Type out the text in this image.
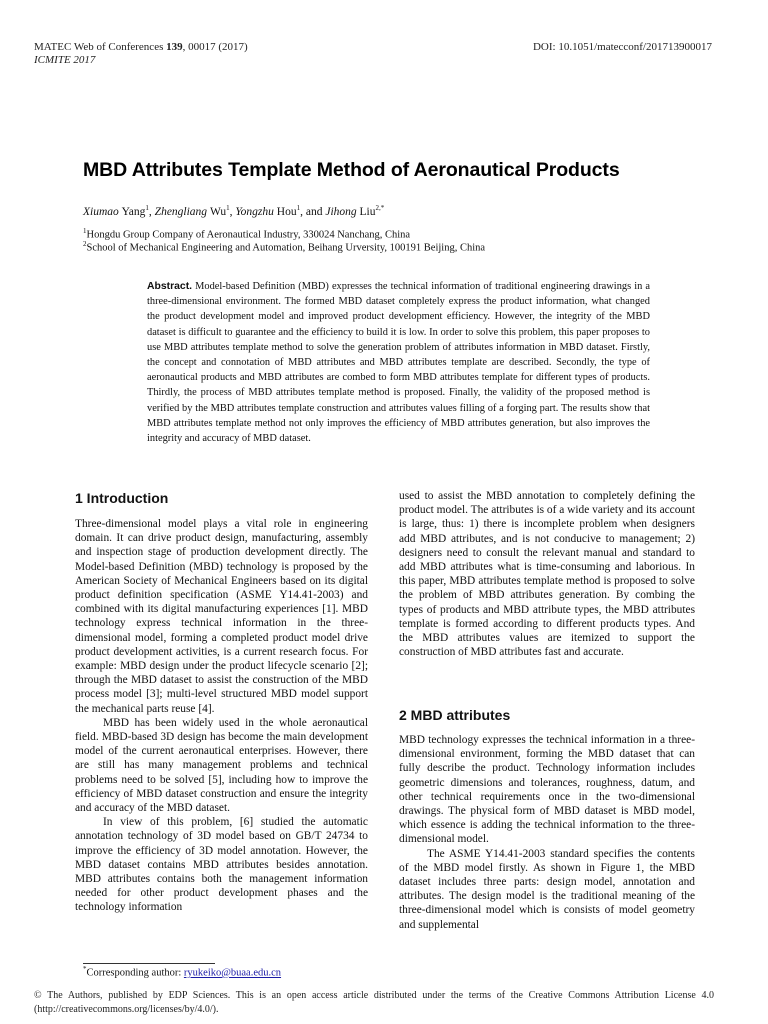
MATEC Web of Conferences 139, 00017 (2017)
ICMITE 2017
DOI: 10.1051/matecconf/201713900017
MBD Attributes Template Method of Aeronautical Products
Xiumao Yang$^1$, Zhengliang Wu$^1$, Yongzhu Hou$^1$, and Jihong Liu$^{2,*}$
$^1$Hongdu Group Company of Aeronautical Industry, 330024 Nanchang, China
$^2$School of Mechanical Engineering and Automation, Beihang Urversity, 100191 Beijing, China
Abstract. Model-based Definition (MBD) expresses the technical information of traditional engineering drawings in a three-dimensional environment. The formed MBD dataset completely express the product information, what changed the product development model and improved product development efficiency. However, the integrity of the MBD dataset is difficult to guarantee and the efficiency to build it is low. In order to solve this problem, this paper proposes to use MBD attributes template method to solve the generation problem of attributes information in MBD dataset. Firstly, the concept and connotation of MBD attributes and MBD attributes template are described. Secondly, the type of aeronautical products and MBD attributes are combed to form MBD attributes template for different types of products. Thirdly, the process of MBD attributes template method is proposed. Finally, the validity of the proposed method is verified by the MBD attributes template construction and attributes values filling of a forging part. The results show that MBD attributes template method not only improves the efficiency of MBD attributes generation, but also improves the integrity and accuracy of MBD dataset.
1 Introduction

Three-dimensional model plays a vital role in engineering domain. It can drive product design, manufacturing, assembly and inspection stage of production development directly. The Model-based Definition (MBD) technology is proposed by the American Society of Mechanical Engineers based on its digital product definition specification (ASME Y14.41-2003) and combined with its digital manufacturing experiences [1]. MBD technology express technical information in the three-dimensional model, forming a completed product model drive product development activities, is a current research focus. For example: MBD design under the product lifecycle scenario [2]; through the MBD dataset to assist the construction of the MBD process model [3]; multi-level structured MBD model support the mechanical parts reuse [4].

MBD has been widely used in the whole aeronautical field. MBD-based 3D design has become the main development model of the current aeronautical enterprises. However, there are still has many management problems and technical problems need to be solved [5], including how to improve the efficiency of MBD dataset construction and ensure the integrity and accuracy of the MBD dataset.

In view of this problem, [6] studied the automatic annotation technology of 3D model based on GB/T 24734 to improve the efficiency of 3D model annotation. However, the MBD dataset contains MBD attributes besides annotation. MBD attributes contains both the management information needed for other product development phases and the technology information

used to assist the MBD annotation to completely defining the product model. The attributes is of a wide variety and its account is large, thus: 1) there is incomplete problem when designers add MBD attributes, and is not conducive to management; 2) designers need to consult the relevant manual and standard to add MBD attributes what is time-consuming and laborious. In this paper, MBD attributes template method is proposed to solve the problem of MBD attributes generation. By combing the types of products and MBD attribute types, the MBD attributes template is formed according to different products types. And the MBD attributes values are itemized to support the construction of MBD attributes fast and accurate.

2 MBD attributes

MBD technology expresses the technical information in a three-dimensional environment, forming the MBD dataset that can fully describe the product. Technology information includes geometric dimensions and tolerances, roughness, datum, and other technical requirements once in the two-dimensional drawings. The physical form of MBD dataset is MBD model, which essence is adding the technical information to the three-dimensional model.

The ASME Y14.41-2003 standard specifies the contents of the MBD model firstly. As shown in Figure 1, the MBD dataset includes three parts: design model, annotation and attributes. The design model is the traditional meaning of the three-dimensional model which is consists of model geometry and supplemental

*Corresponding author: ryukeiko@buaa.edu.cn
© The Authors, published by EDP Sciences. This is an open access article distributed under the terms of the Creative Commons Attribution License 4.0 (http://creativecommons.org/licenses/by/4.0/).
